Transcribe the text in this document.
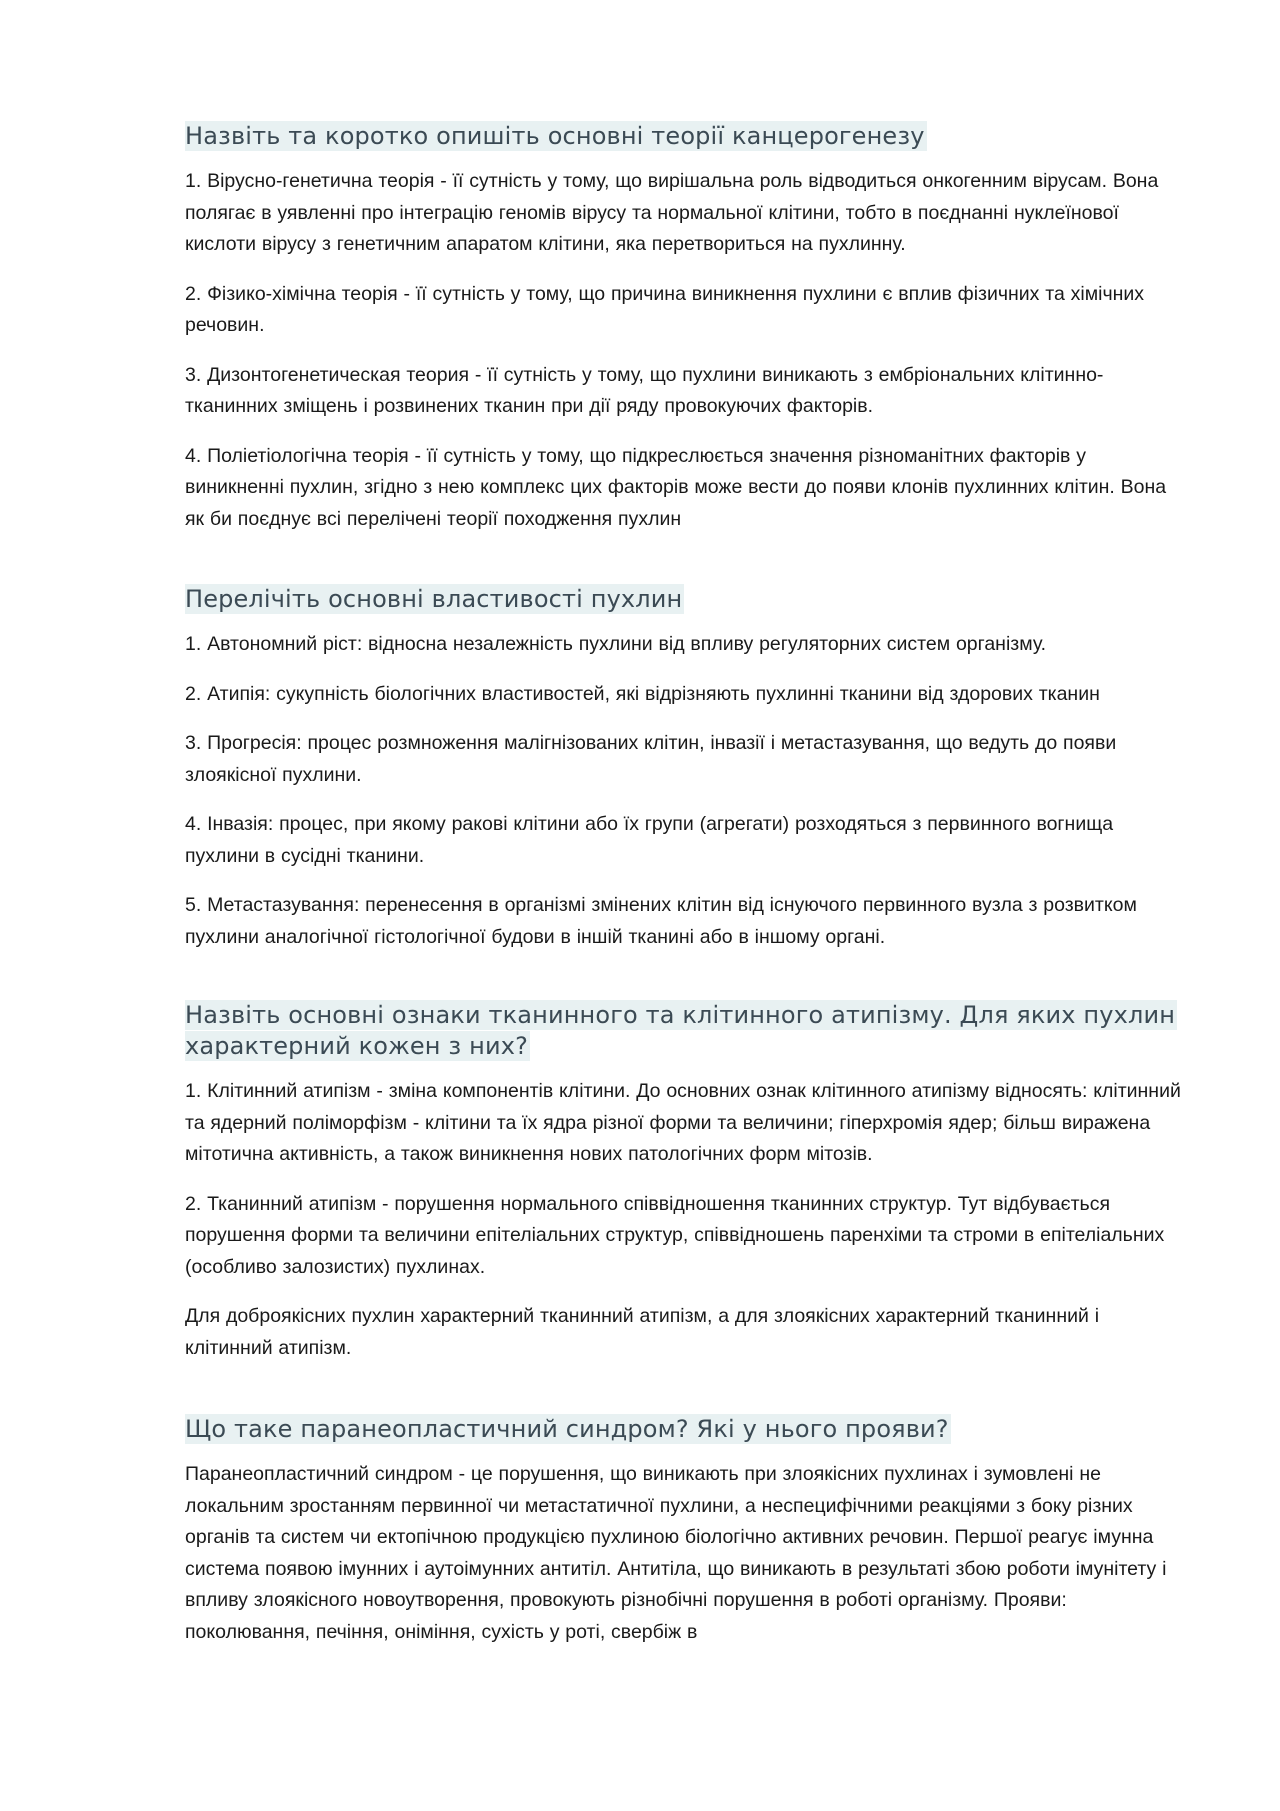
Назвіть та коротко опишіть основні теорії канцерогенезу

1. Вірусно-генетична теорія - її сутність у тому, що вирішальна роль відводиться онкогенним вірусам. Вона полягає в уявленні про інтеграцію геномів вірусу та нормальної клітини, тобто в поєднанні нуклеїнової кислоти вірусу з генетичним апаратом клітини, яка перетвориться на пухлинну.

2. Фізико-хімічна теорія - її сутність у тому, що причина виникнення пухлини є вплив фізичних та хімічних речовин.

3. Дизонтогенетическая теория - її сутність у тому, що пухлини виникають з ембріональних клітинно-тканинних зміщень і розвинених тканин при дії ряду провокуючих факторів.

4. Поліетіологічна теорія - її сутність у тому, що підкреслюється значення різноманітних факторів у виникненні пухлин, згідно з нею комплекс цих факторів може вести до появи клонів пухлинних клітин. Вона як би поєднує всі перелічені теорії походження пухлин

Перелічіть основні властивості пухлин

1. Автономний ріст: відносна незалежність пухлини від впливу регуляторних систем організму.

2. Атипія: сукупність біологічних властивостей, які відрізняють пухлинні тканини від здорових тканин

3. Прогресія: процес розмноження малігнізованих клітин, інвазії і метастазування, що ведуть до появи злоякісної пухлини.

4. Інвазія: процес, при якому ракові клітини або їх групи (агрегати) розходяться з первинного вогнища пухлини в сусідні тканини.

5. Метастазування: перенесення в організмі змінених клітин від існуючого первинного вузла з розвитком пухлини аналогічної гістологічної будови в іншій тканині або в іншому органі.

Назвіть основні ознаки тканинного та клітинного атипізму. Для яких пухлин характерний кожен з них?

1. Клітинний атипізм - зміна компонентів клітини. До основних ознак клітинного атипізму відносять: клітинний та ядерний поліморфізм - клітини та їх ядра різної форми та величини; гіперхромія ядер; більш виражена мітотична активність, а також виникнення нових патологічних форм мітозів.

2. Тканинний атипізм - порушення нормального співвідношення тканинних структур. Тут відбувається порушення форми та величини епітеліальних структур, співвідношень паренхіми та строми в епітеліальних (особливо залозистих) пухлинах.

Для доброякісних пухлин характерний тканинний атипізм, а для злоякісних характерний тканинний і клітинний атипізм.

Що таке паранеопластичний синдром? Які у нього прояви?

Паранеопластичний синдром - це порушення, що виникають при злоякісних пухлинах і зумовлені не локальним зростанням первинної чи метастатичної пухлини, а неспецифічними реакціями з боку різних органів та систем чи ектопічною продукцією пухлиною біологічно активних речовин. Першої реагує імунна система появою імунних і аутоімунних антитіл. Антитіла, що виникають в результаті збою роботи імунітету і впливу злоякісного новоутворення, провокують різнобічні порушення в роботі організму. Прояви: поколювання, печіння, оніміння, сухість у роті, свербіж в
